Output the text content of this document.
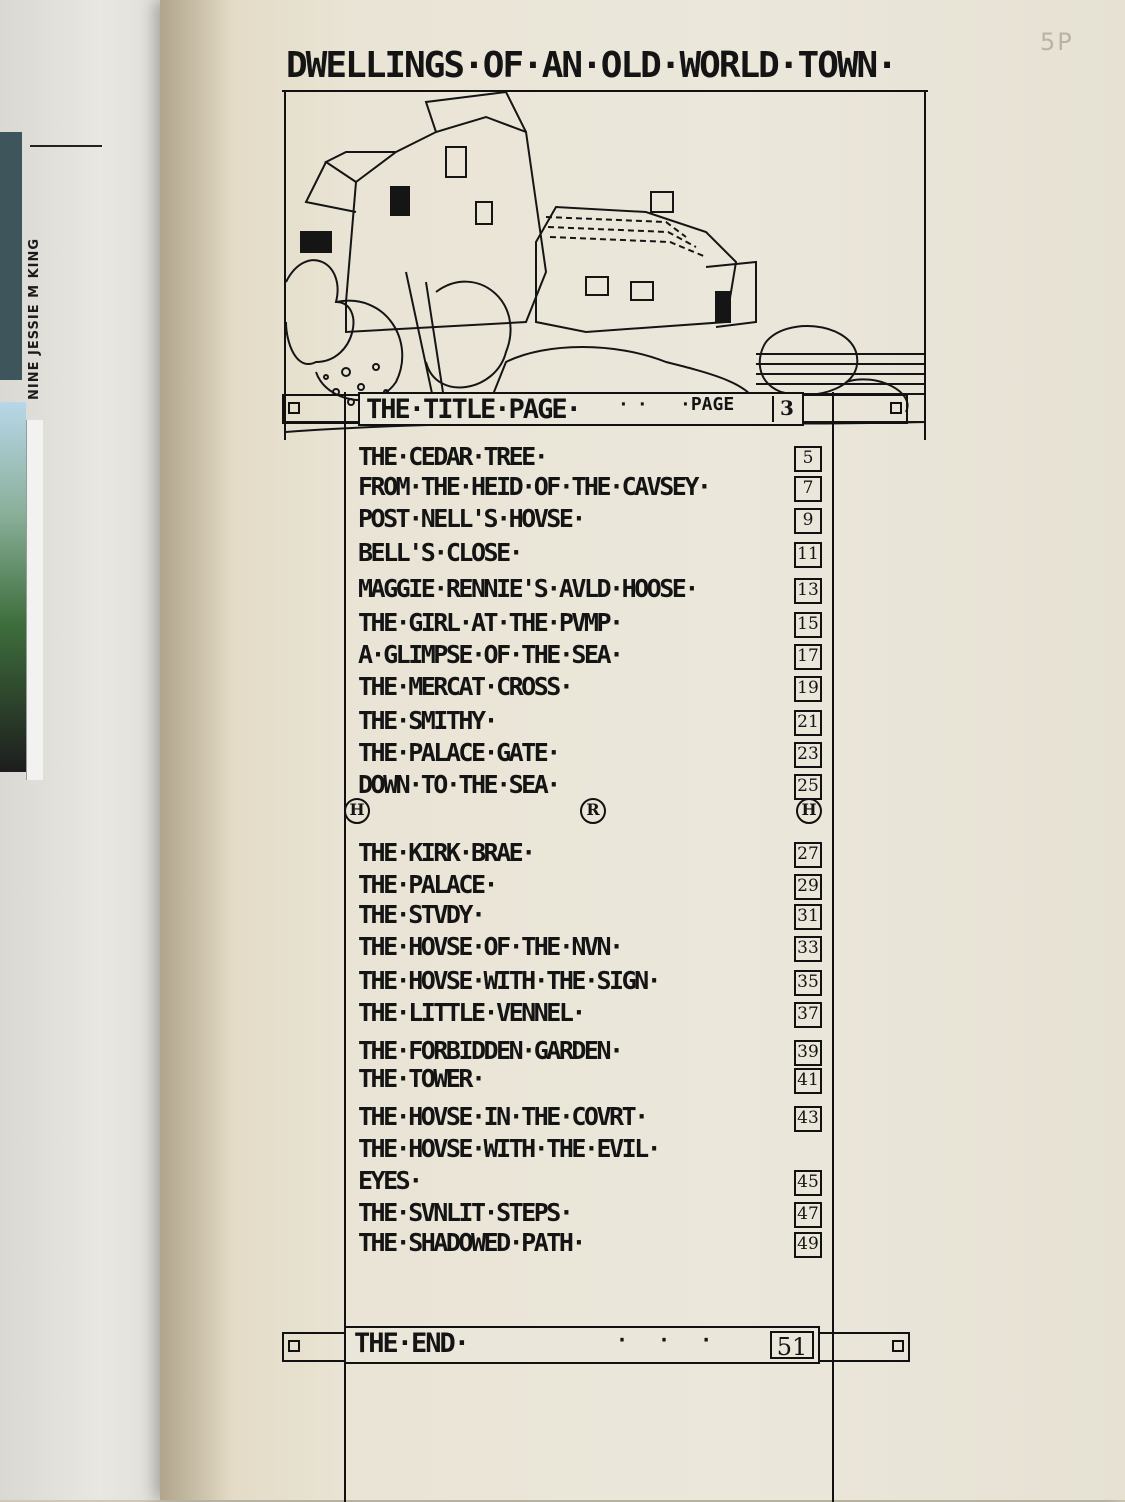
NINE JESSIE M KING
5P
DWELLINGS·OF·AN·OLD·WORLD·TOWN·
THE·TITLE·PAGE· ·· ·PAGE	3
THE·CEDAR·TREE·	5
FROM·THE·HEID·OF·THE·CAVSEY·	7
POST·NELL'S·HOVSE·	9
BELL'S·CLOSE·	11
MAGGIE·RENNIE'S·AVLD·HOOSE·	13
THE·GIRL·AT·THE·PVMP·	15
A·GLIMPSE·OF·THE·SEA·	17
THE·MERCAT·CROSS·	19
THE·SMITHY·	21
THE·PALACE·GATE·	23
DOWN·TO·THE·SEA·	25
THE·KIRK·BRAE·	27
THE·PALACE·	29
THE·STVDY·	31
THE·HOVSE·OF·THE·NVN·	33
THE·HOVSE·WITH·THE·SIGN·	35
THE·LITTLE·VENNEL·	37
THE·FORBIDDEN·GARDEN·	39
THE·TOWER·	41
THE·HOVSE·IN·THE·COVRT·	43
THE·HOVSE·WITH·THE·EVIL·
EYES·	45
THE·SVNLIT·STEPS·	47
THE·SHADOWED·PATH·	49
H	R	H
THE·END·	··· 51
